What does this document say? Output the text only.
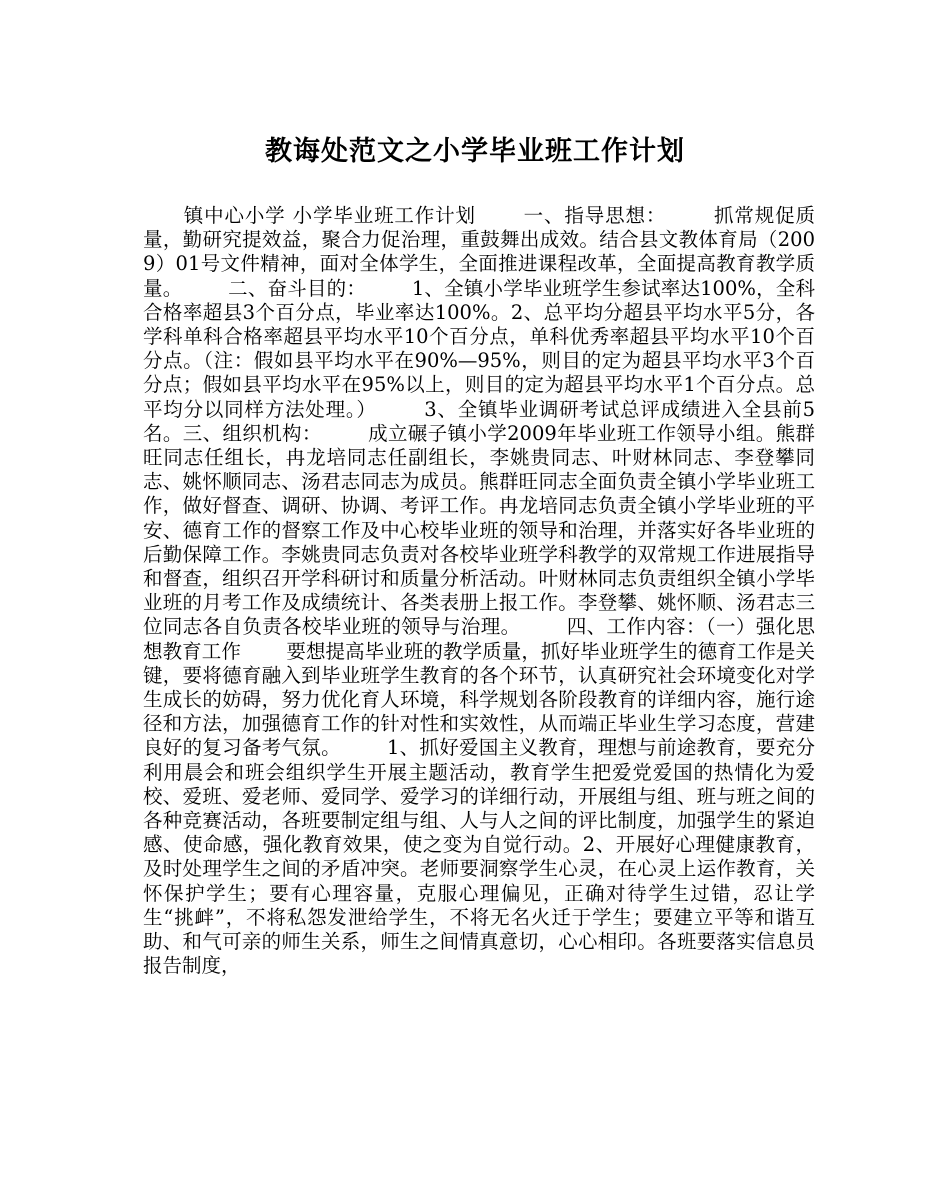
教诲处范文之小学毕业班工作计划

　　镇中心小学 小学毕业班工作计划 　　一、指导思想： 　　抓常规促质量，勤研究提效益，聚合力促治理，重鼓舞出成效。结合县文教体育局（2009）01号文件精神，面对全体学生，全面推进课程改革，全面提高教育教学质量。 　　二、奋斗目的： 　　1、全镇小学毕业班学生参试率达100%，全科合格率超县3个百分点，毕业率达100%。2、总平均分超县平均水平5分，各学科单科合格率超县平均水平10个百分点，单科优秀率超县平均水平10个百分点。（注：假如县平均水平在90%—95%，则目的定为超县平均水平3个百分点；假如县平均水平在95%以上，则目的定为超县平均水平1个百分点。总平均分以同样方法处理。） 　　3、全镇毕业调研考试总评成绩进入全县前5名。三、组织机构： 　　成立碾子镇小学2009年毕业班工作领导小组。熊群旺同志任组长，冉龙培同志任副组长，李姚贵同志、叶财林同志、李登攀同志、姚怀顺同志、汤君志同志为成员。熊群旺同志全面负责全镇小学毕业班工作，做好督查、调研、协调、考评工作。冉龙培同志负责全镇小学毕业班的平安、德育工作的督察工作及中心校毕业班的领导和治理，并落实好各毕业班的后勤保障工作。李姚贵同志负责对各校毕业班学科教学的双常规工作进展指导和督查，组织召开学科研讨和质量分析活动。叶财林同志负责组织全镇小学毕业班的月考工作及成绩统计、各类表册上报工作。李登攀、姚怀顺、汤君志三位同志各自负责各校毕业班的领导与治理。 　　四、工作内容：（一）强化思想教育工作 　　要想提高毕业班的教学质量，抓好毕业班学生的德育工作是关键，要将德育融入到毕业班学生教育的各个环节，认真研究社会环境变化对学生成长的妨碍，努力优化育人环境，科学规划各阶段教育的详细内容，施行途径和方法，加强德育工作的针对性和实效性，从而端正毕业生学习态度，营建良好的复习备考气氛。 　　1、抓好爱国主义教育，理想与前途教育，要充分利用晨会和班会组织学生开展主题活动，教育学生把爱党爱国的热情化为爱校、爱班、爱老师、爱同学、爱学习的详细行动，开展组与组、班与班之间的各种竞赛活动，各班要制定组与组、人与人之间的评比制度，加强学生的紧迫感、使命感，强化教育效果，使之变为自觉行动。2、开展好心理健康教育，及时处理学生之间的矛盾冲突。老师要洞察学生心灵，在心灵上运作教育，关怀保护学生；要有心理容量，克服心理偏见，正确对待学生过错，忍让学生“挑衅”，不将私怨发泄给学生，不将无名火迁于学生；要建立平等和谐互助、和气可亲的师生关系，师生之间情真意切，心心相印。各班要落实信息员报告制度，
